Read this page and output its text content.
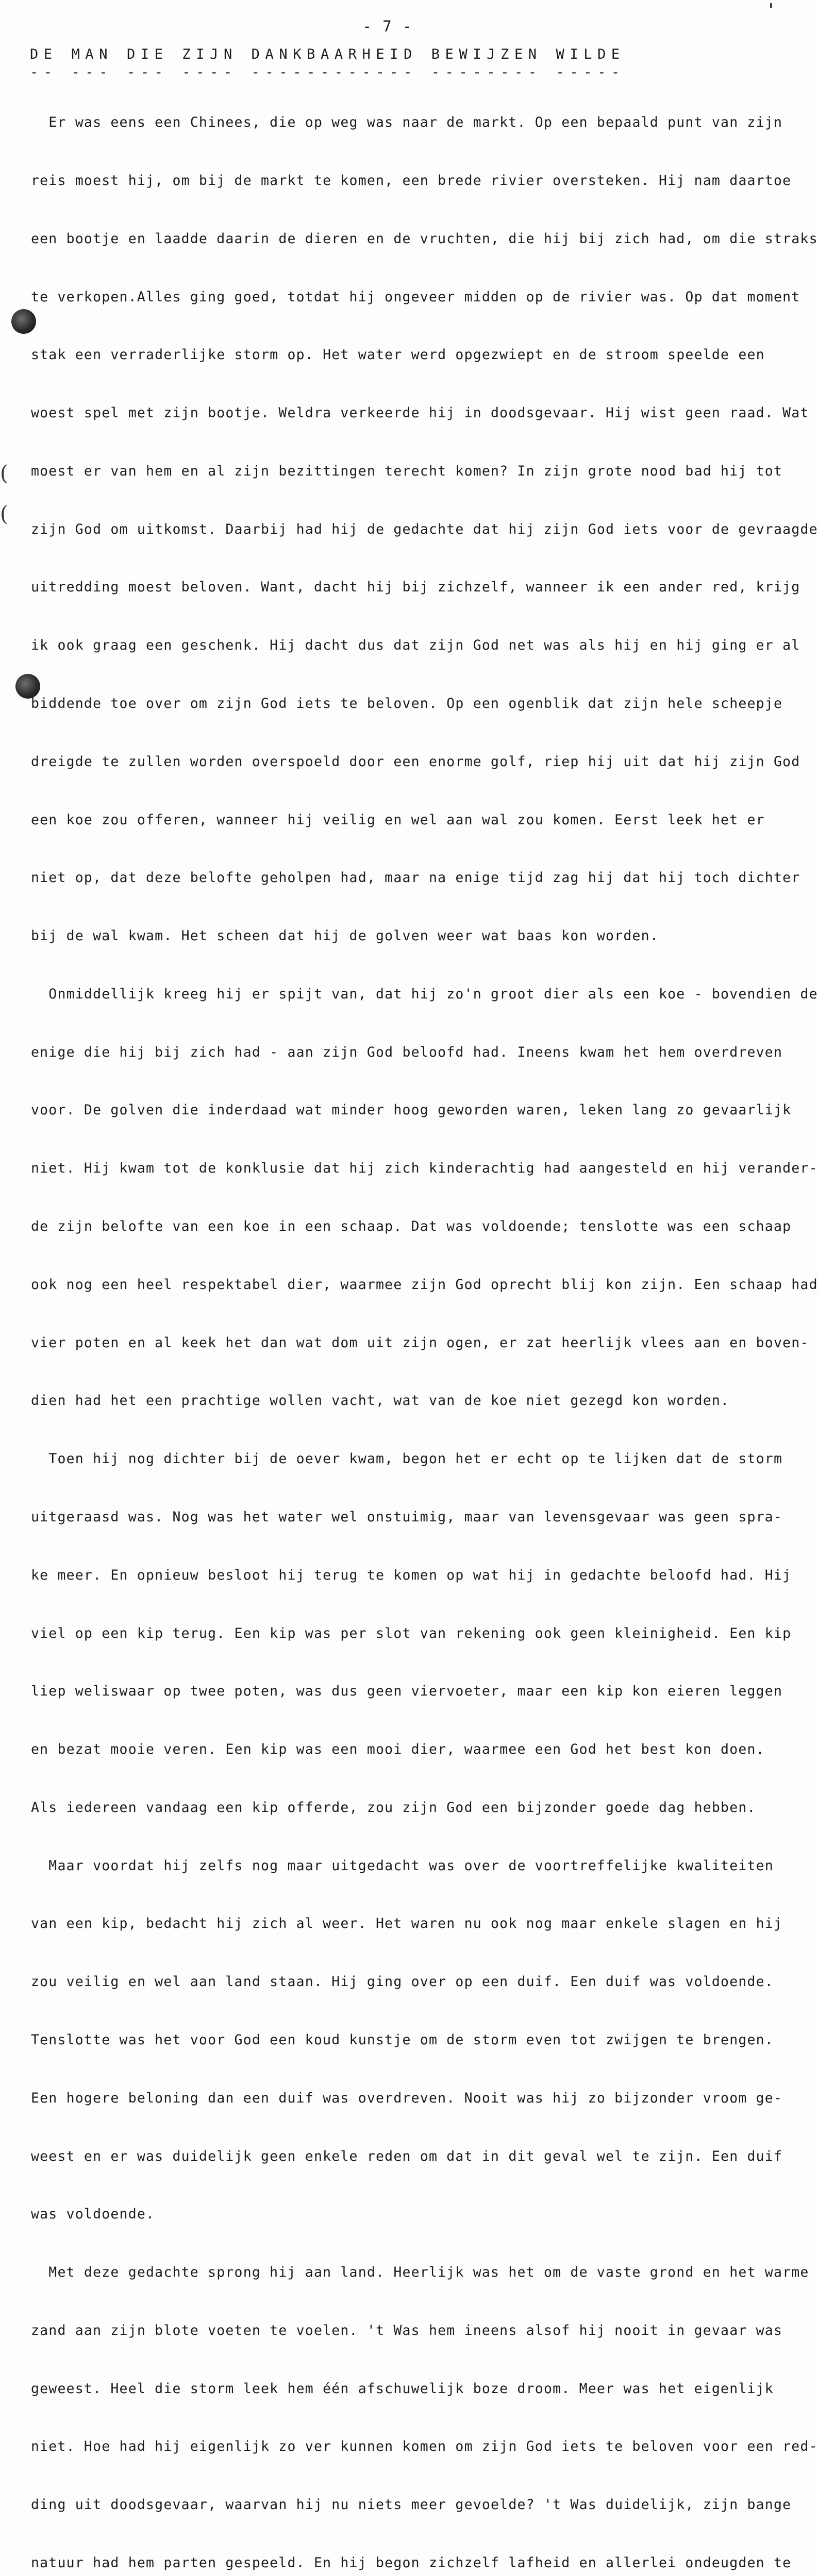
- 7 -
DE MAN DIE ZIJN DANKBAARHEID BEWIJZEN WILDE
-- --- --- ---- ------------ -------- -----

Er was eens een Chinees, die op weg was naar de markt. Op een bepaald punt van zijn

reis moest hij, om bij de markt te komen, een brede rivier oversteken. Hij nam daartoe

een bootje en laadde daarin de dieren en de vruchten, die hij bij zich had, om die straks

te verkopen.Alles ging goed, totdat hij ongeveer midden op de rivier was. Op dat moment

stak een verraderlijke storm op. Het water werd opgezwiept en de stroom speelde een

woest spel met zijn bootje. Weldra verkeerde hij in doodsgevaar. Hij wist geen raad. Wat

moest er van hem en al zijn bezittingen terecht komen? In zijn grote nood bad hij tot

zijn God om uitkomst. Daarbij had hij de gedachte dat hij zijn God iets voor de gevraagde

uitredding moest beloven. Want, dacht hij bij zichzelf, wanneer ik een ander red, krijg

ik ook graag een geschenk. Hij dacht dus dat zijn God net was als hij en hij ging er al

biddende toe over om zijn God iets te beloven. Op een ogenblik dat zijn hele scheepje

dreigde te zullen worden overspoeld door een enorme golf, riep hij uit dat hij zijn God

een koe zou offeren, wanneer hij veilig en wel aan wal zou komen. Eerst leek het er

niet op, dat deze belofte geholpen had, maar na enige tijd zag hij dat hij toch dichter

bij de wal kwam. Het scheen dat hij de golven weer wat baas kon worden.

Onmiddellijk kreeg hij er spijt van, dat hij zo'n groot dier als een koe - bovendien de

enige die hij bij zich had - aan zijn God beloofd had. Ineens kwam het hem overdreven

voor. De golven die inderdaad wat minder hoog geworden waren, leken lang zo gevaarlijk

niet. Hij kwam tot de konklusie dat hij zich kinderachtig had aangesteld en hij verander-

de zijn belofte van een koe in een schaap. Dat was voldoende; tenslotte was een schaap

ook nog een heel respektabel dier, waarmee zijn God oprecht blij kon zijn. Een schaap had

vier poten en al keek het dan wat dom uit zijn ogen, er zat heerlijk vlees aan en boven-

dien had het een prachtige wollen vacht, wat van de koe niet gezegd kon worden.

Toen hij nog dichter bij de oever kwam, begon het er echt op te lijken dat de storm

uitgeraasd was. Nog was het water wel onstuimig, maar van levensgevaar was geen spra-

ke meer. En opnieuw besloot hij terug te komen op wat hij in gedachte beloofd had. Hij

viel op een kip terug. Een kip was per slot van rekening ook geen kleinigheid. Een kip

liep weliswaar op twee poten, was dus geen viervoeter, maar een kip kon eieren leggen

en bezat mooie veren. Een kip was een mooi dier, waarmee een God het best kon doen.

Als iedereen vandaag een kip offerde, zou zijn God een bijzonder goede dag hebben.

Maar voordat hij zelfs nog maar uitgedacht was over de voortreffelijke kwaliteiten

van een kip, bedacht hij zich al weer. Het waren nu ook nog maar enkele slagen en hij

zou veilig en wel aan land staan. Hij ging over op een duif. Een duif was voldoende.

Tenslotte was het voor God een koud kunstje om de storm even tot zwijgen te brengen.

Een hogere beloning dan een duif was overdreven. Nooit was hij zo bijzonder vroom ge-

weest en er was duidelijk geen enkele reden om dat in dit geval wel te zijn. Een duif

was voldoende.

Met deze gedachte sprong hij aan land. Heerlijk was het om de vaste grond en het warme

zand aan zijn blote voeten te voelen. 't Was hem ineens alsof hij nooit in gevaar was

geweest. Heel die storm leek hem één afschuwelijk boze droom. Meer was het eigenlijk

niet. Hoe had hij eigenlijk zo ver kunnen komen om zijn God iets te beloven voor een red-

ding uit doodsgevaar, waarvan hij nu niets meer gevoelde? 't Was duidelijk, zijn bange

natuur had hem parten gespeeld. En hij begon zichzelf lafheid en allerlei ondeugden te

(
(
